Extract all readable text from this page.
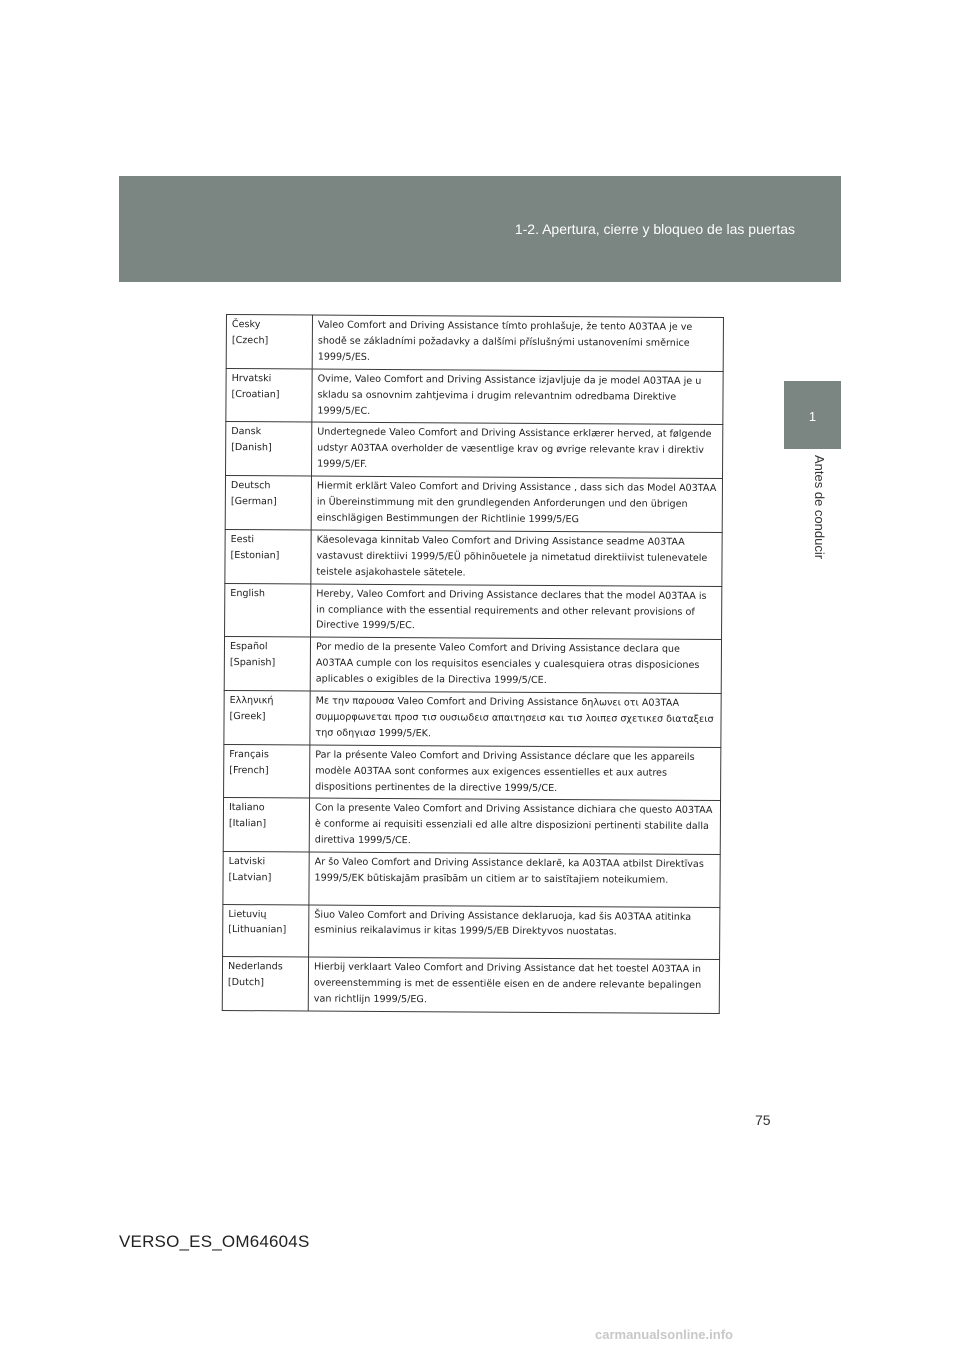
1-2. Apertura, cierre y bloqueo de las puertas
1
Antes de conducir
Česky
[Czech]	Valeo Comfort and Driving Assistance tímto prohlašuje, že tento A03TAA je ve shodě se základními požadavky a dalšími příslušnými ustanoveními směrnice 1999/5/ES.

Hrvatski
[Croatian]	Ovime, Valeo Comfort and Driving Assistance izjavljuje da je model A03TAA je u skladu sa osnovnim zahtjevima i drugim relevantnim odredbama Direktive 1999/5/EC.

Dansk
[Danish]	Undertegnede Valeo Comfort and Driving Assistance erklærer herved, at følgende udstyr A03TAA overholder de væsentlige krav og øvrige relevante krav i direktiv 1999/5/EF.

Deutsch
[German]	Hiermit erklärt Valeo Comfort and Driving Assistance , dass sich das Model A03TAA in Übereinstimmung mit den grundlegenden Anforderungen und den übrigen einschlägigen Bestimmungen der Richtlinie 1999/5/EG

Eesti
[Estonian]	Käesolevaga kinnitab Valeo Comfort and Driving Assistance seadme A03TAA vastavust direktiivi 1999/5/EÜ põhinõuetele ja nimetatud direktiivist tulenevatele teistele asjakohastele sätetele.

English	Hereby, Valeo Comfort and Driving Assistance declares that the model A03TAA is in compliance with the essential requirements and other relevant provisions of Directive 1999/5/EC.

Español
[Spanish]	Por medio de la presente Valeo Comfort and Driving Assistance declara que A03TAA cumple con los requisitos esenciales y cualesquiera otras disposiciones aplicables o exigibles de la Directiva 1999/5/CE.

Ελληνική
[Greek]	Με την παρουσα Valeo Comfort and Driving Assistance δηλωνει οτι A03TAA συμμορφωνεται προσ τισ ουσιωδεισ απαιτησεισ και τισ λοιπεσ σχετικεσ διαταξεισ τησ οδηγιασ 1999/5/ΕΚ.

Français
[French]	Par la présente Valeo Comfort and Driving Assistance déclare que les appareils modèle A03TAA sont conformes aux exigences essentielles et aux autres dispositions pertinentes de la directive 1999/5/CE.

Italiano
[Italian]	Con la presente Valeo Comfort and Driving Assistance dichiara che questo A03TAA è conforme ai requisiti essenziali ed alle altre disposizioni pertinenti stabilite dalla direttiva 1999/5/CE.

Latviski
[Latvian]	Ar šo Valeo Comfort and Driving Assistance deklarē, ka A03TAA atbilst Direktīvas 1999/5/EK būtiskajām prasībām un citiem ar to saistītajiem noteikumiem.

Lietuvių
[Lithuanian]	Šiuo Valeo Comfort and Driving Assistance deklaruoja, kad šis A03TAA atitinka esminius reikalavimus ir kitas 1999/5/EB Direktyvos nuostatas.

Nederlands
[Dutch]	Hierbij verklaart Valeo Comfort and Driving Assistance dat het toestel A03TAA in overeenstemming is met de essentiële eisen en de andere relevante bepalingen van richtlijn 1999/5/EG.
75
VERSO_ES_OM64604S
carmanualsonline.info
